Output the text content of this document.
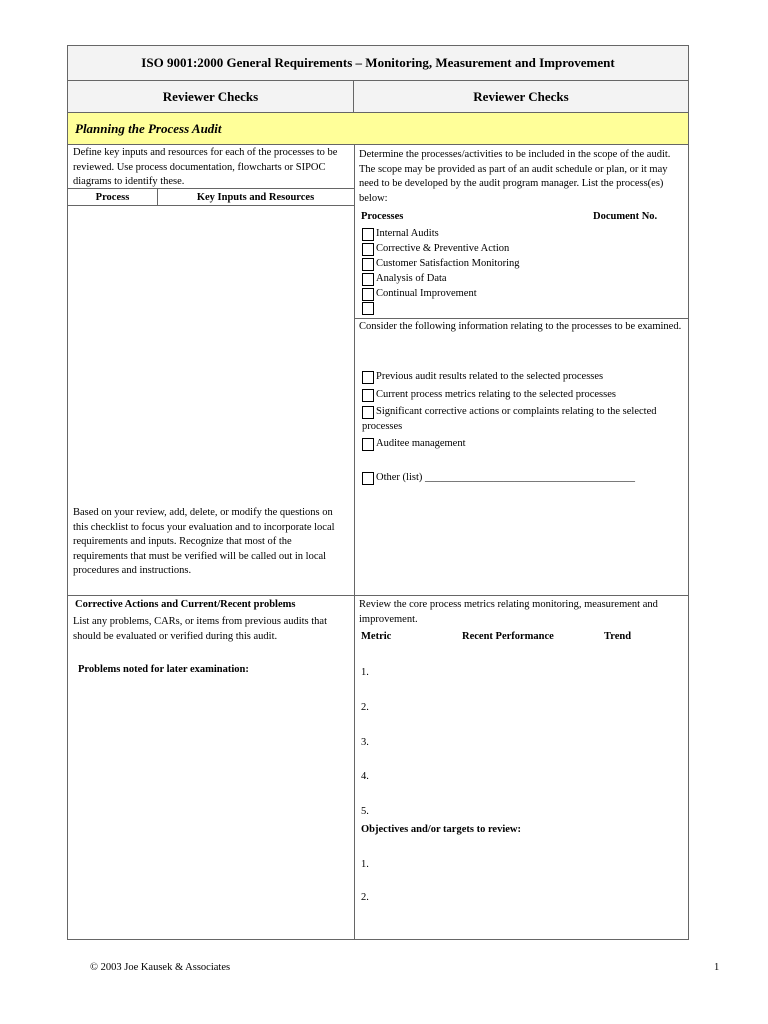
ISO 9001:2000 General Requirements – Monitoring, Measurement and Improvement
Reviewer Checks	Reviewer Checks
Planning the Process Audit
Define key inputs and resources for each of the processes to be reviewed. Use process documentation, flowcharts or SIPOC diagrams to identify these.
Process	Key Inputs and Resources
Based on your review, add, delete, or modify the questions on this checklist to focus your evaluation and to incorporate local requirements and inputs. Recognize that most of the requirements that must be verified will be called out in local procedures and instructions.
Corrective Actions and Current/Recent problems
List any problems, CARs, or items from previous audits that should be evaluated or verified during this audit.
Problems noted for later examination:
Determine the processes/activities to be included in the scope of the audit. The scope may be provided as part of an audit schedule or plan, or it may need to be developed by the audit program manager. List the process(es) below:
Processes	Document No.
Internal Audits
Corrective & Preventive Action
Customer Satisfaction Monitoring
Analysis of Data
Continual Improvement
Consider the following information relating to the processes to be examined.
Previous audit results related to the selected processes
Current process metrics relating to the selected processes
Significant corrective actions or complaints relating to the selected processes
Auditee management
Other (list) ________________________________________
Review the core process metrics relating monitoring, measurement and improvement.
Metric	Recent Performance	Trend
1.
2.
3.
4.
5.
Objectives and/or targets to review:
1.
2.
© 2003 Joe Kausek & Associates	1
